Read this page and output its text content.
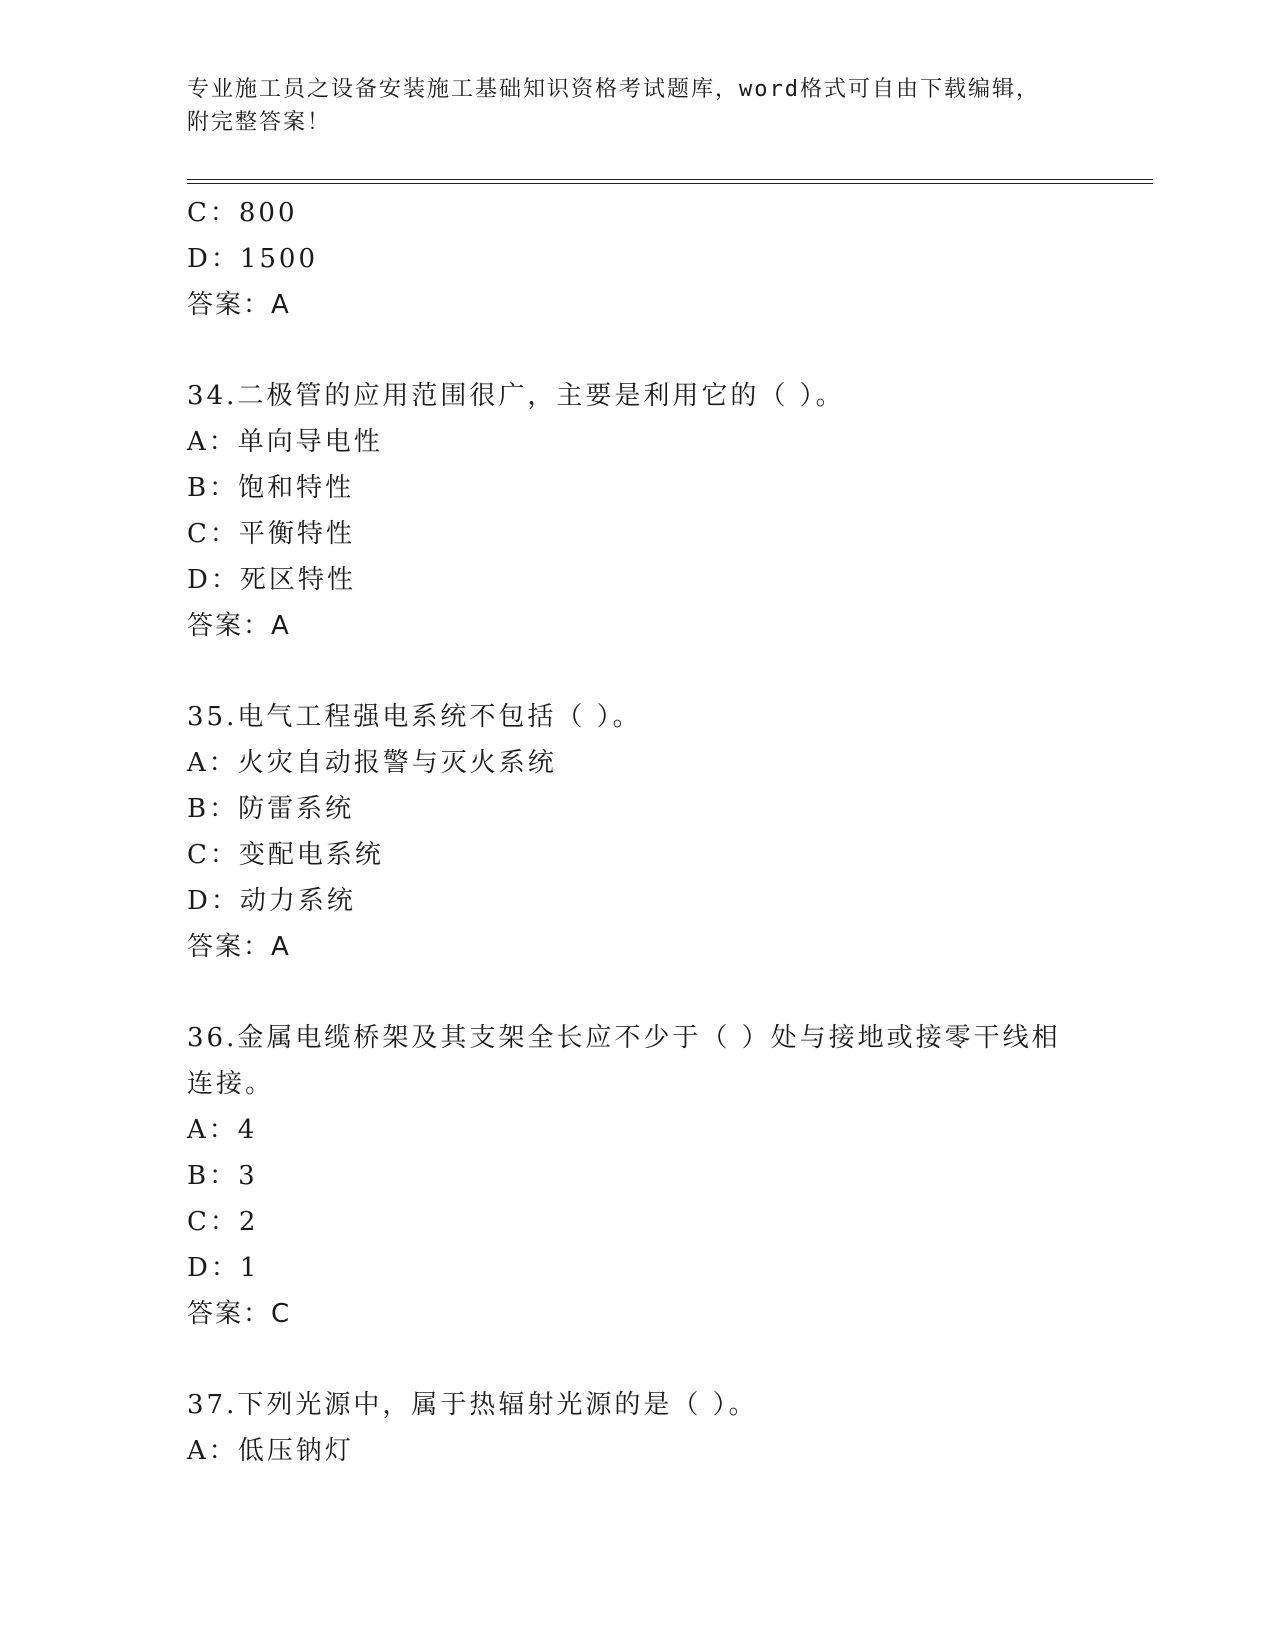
专业施工员之设备安装施工基础知识资格考试题库，word格式可自由下载编辑，
附完整答案！
C：800
D：1500
答案：A
34.二极管的应用范围很广，主要是利用它的（ ）。
A：单向导电性
B：饱和特性
C：平衡特性
D：死区特性
答案：A
35.电气工程强电系统不包括（ ）。
A：火灾自动报警与灭火系统
B：防雷系统
C：变配电系统
D：动力系统
答案：A
36.金属电缆桥架及其支架全长应不少于（ ）处与接地或接零干线相
连接。
A：4
B：3
C：2
D：1
答案：C
37.下列光源中，属于热辐射光源的是（ ）。
A：低压钠灯
